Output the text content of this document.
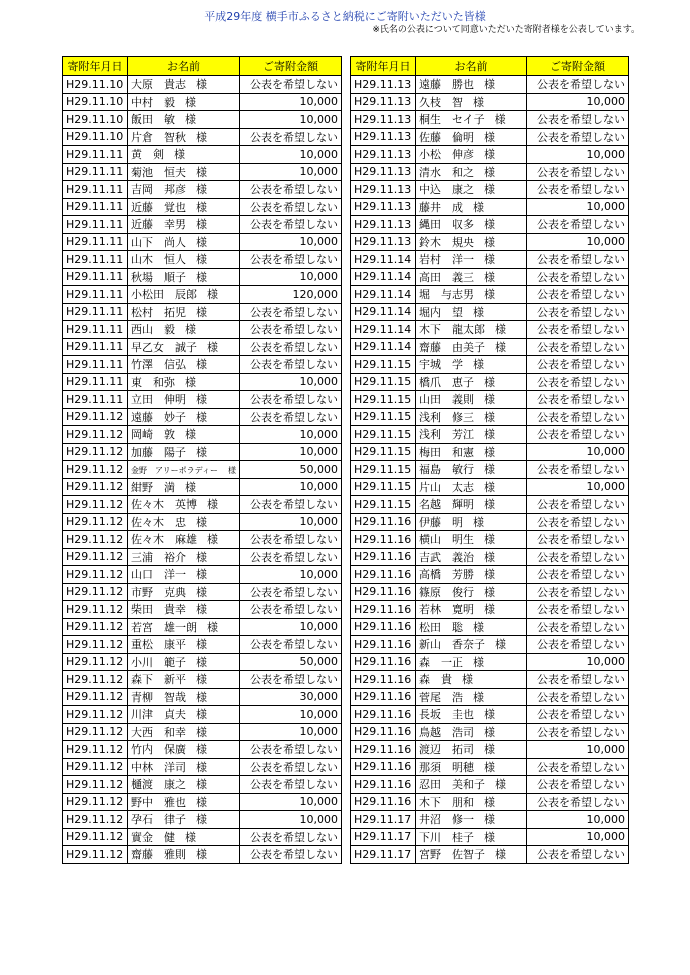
平成29年度 横手市ふるさと納税にご寄附いただいた皆様
※氏名の公表について同意いただいた寄附者様を公表しています。
寄附年月日	お名前	ご寄附金額
H29.11.10	大原　貴志 様	公表を希望しない
H29.11.10	中村　毅 様	10,000
H29.11.10	飯田　敏 様	10,000
H29.11.10	片倉　智秋 様	公表を希望しない
H29.11.11	黄　剣 様	10,000
H29.11.11	菊池　恒夫 様	10,000
H29.11.11	吉岡　邦彦 様	公表を希望しない
H29.11.11	近藤　覚也 様	公表を希望しない
H29.11.11	近藤　幸男 様	公表を希望しない
H29.11.11	山下　尚人 様	10,000
H29.11.11	山木　恒人 様	公表を希望しない
H29.11.11	秋場　順子 様	10,000
H29.11.11	小松田　辰郎 様	120,000
H29.11.11	松村　拓児 様	公表を希望しない
H29.11.11	西山　毅 様	公表を希望しない
H29.11.11	早乙女　誠子 様	公表を希望しない
H29.11.11	竹澤　信弘 様	公表を希望しない
H29.11.11	東　和弥 様	10,000
H29.11.11	立田　伸明 様	公表を希望しない
H29.11.12	遠藤　妙子 様	公表を希望しない
H29.11.12	岡崎　敦 様	10,000
H29.11.12	加藤　陽子 様	10,000
H29.11.12	金野　アリーポラディー 様	50,000
H29.11.12	紺野　満 様	10,000
H29.11.12	佐々木　英博 様	公表を希望しない
H29.11.12	佐々木　忠 様	10,000
H29.11.12	佐々木　麻雄 様	公表を希望しない
H29.11.12	三浦　裕介 様	公表を希望しない
H29.11.12	山口　洋一 様	10,000
H29.11.12	市野　克典 様	公表を希望しない
H29.11.12	柴田　貴幸 様	公表を希望しない
H29.11.12	若宮　雄一朗 様	10,000
H29.11.12	重松　康平 様	公表を希望しない
H29.11.12	小川　範子 様	50,000
H29.11.12	森下　新平 様	公表を希望しない
H29.11.12	青柳　智哉 様	30,000
H29.11.12	川津　貞夫 様	10,000
H29.11.12	大西　和幸 様	10,000
H29.11.12	竹内　保廣 様	公表を希望しない
H29.11.12	中林　洋司 様	公表を希望しない
H29.11.12	樋渡　康之 様	公表を希望しない
H29.11.12	野中　雅也 様	10,000
H29.11.12	孕石　律子 様	10,000
H29.11.12	實金　健 様	公表を希望しない
H29.11.12	齋藤　雅則 様	公表を希望しない
寄附年月日	お名前	ご寄附金額
H29.11.13	遠藤　勝也 様	公表を希望しない
H29.11.13	久枝　智 様	10,000
H29.11.13	桐生　セイ子 様	公表を希望しない
H29.11.13	佐藤　倫明 様	公表を希望しない
H29.11.13	小松　伸彦 様	10,000
H29.11.13	清水　和之 様	公表を希望しない
H29.11.13	中込　康之 様	公表を希望しない
H29.11.13	藤井　成 様	10,000
H29.11.13	縄田　収多 様	公表を希望しない
H29.11.13	鈴木　規央 様	10,000
H29.11.14	岩村　洋一 様	公表を希望しない
H29.11.14	高田　義三 様	公表を希望しない
H29.11.14	堀　与志男 様	公表を希望しない
H29.11.14	堀内　望 様	公表を希望しない
H29.11.14	木下　龍太郎 様	公表を希望しない
H29.11.14	齋藤　由美子 様	公表を希望しない
H29.11.15	宇城　学 様	公表を希望しない
H29.11.15	橋爪　恵子 様	公表を希望しない
H29.11.15	山田　義則 様	公表を希望しない
H29.11.15	浅利　修三 様	公表を希望しない
H29.11.15	浅利　芳江 様	公表を希望しない
H29.11.15	梅田　和憲 様	10,000
H29.11.15	福島　敏行 様	公表を希望しない
H29.11.15	片山　太志 様	10,000
H29.11.15	名越　輝明 様	公表を希望しない
H29.11.16	伊藤　明 様	公表を希望しない
H29.11.16	横山　明生 様	公表を希望しない
H29.11.16	吉武　義治 様	公表を希望しない
H29.11.16	高橋　芳勝 様	公表を希望しない
H29.11.16	篠原　俊行 様	公表を希望しない
H29.11.16	若林　寛明 様	公表を希望しない
H29.11.16	松田　聡 様	公表を希望しない
H29.11.16	新山　香奈子 様	公表を希望しない
H29.11.16	森　一正 様	10,000
H29.11.16	森　貴 様	公表を希望しない
H29.11.16	菅尾　浩 様	公表を希望しない
H29.11.16	長坂　圭也 様	公表を希望しない
H29.11.16	鳥越　浩司 様	公表を希望しない
H29.11.16	渡辺　拓司 様	10,000
H29.11.16	那須　明穂 様	公表を希望しない
H29.11.16	忍田　美和子 様	公表を希望しない
H29.11.16	木下　朋和 様	公表を希望しない
H29.11.17	井沼　修一 様	10,000
H29.11.17	下川　桂子 様	10,000
H29.11.17	宮野　佐智子 様	公表を希望しない
